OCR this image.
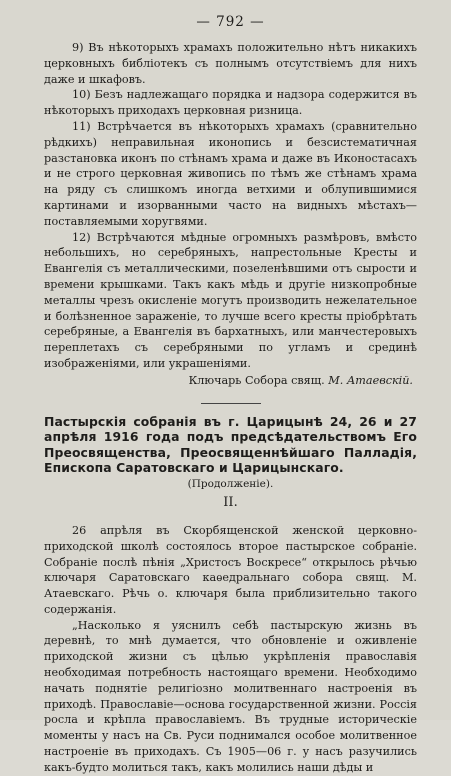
— 792 —

9) Въ нѣкоторыхъ храмахъ положительно нѣтъ никакихъ церковныхъ библіотекъ съ полнымъ отсутствіемъ для нихъ даже и шкафовъ.

10) Безъ надлежащаго порядка и надзора содержится въ нѣкоторыхъ приходахъ церковная ризница.

11) Встрѣчается въ нѣкоторыхъ храмахъ (сравнительно рѣдкихъ) неправильная иконопись и безсистематичная разстановка иконъ по стѣнамъ храма и даже въ Иконостасахъ и не строго церковная живопись по тѣмъ же стѣнамъ храма на ряду съ слишкомъ иногда ветхими и облупившимися картинами и изорванными часто на видныхъ мѣстахъ—поставляемыми хоругвями.

12) Встрѣчаются мѣдные огромныхъ размѣровъ, вмѣсто небольшихъ, но серебряныхъ, напрестольные Кресты и Евангелія съ металлическими, позеленѣвшими отъ сырости и времени крышками. Такъ какъ мѣдь и другіе низкопробные металлы чрезъ окисленіе могутъ производить нежелательное и болѣзненное зараженіе, то лучше всего кресты пріобрѣтать серебряные, а Евангелія въ бархатныхъ, или манчестеровыхъ переплетахъ съ серебряными по угламъ и срединѣ изображеніями, или украшеніями.

Ключарь Собора свящ. М. Атаевскій.

Пастырскія собранія въ г. Царицынѣ 24, 26 и 27 апрѣля 1916 года подъ предсѣдательствомъ Его Преосвященства, Преосвященнѣйшаго Палладія, Епископа Саратовскаго и Царицынскаго.

(Продолженіе).
II.

26 апрѣля въ Скорбященской женской церковно-приходской школѣ состоялось второе пастырское собраніе. Собраніе послѣ пѣнія „Христосъ Воскресе“ открылось рѣчью ключаря Саратовскаго каѳедральнаго собора свящ. М. Атаевскаго. Рѣчь о. ключаря была приблизительно такого содержанія.

„Насколько я уяснилъ себѣ пастырскую жизнь въ деревнѣ, то мнѣ думается, что обновленіе и оживленіе приходской жизни съ цѣлью укрѣпленія православія необходимая потребность настоящаго времени. Необходимо начать поднятіе религіозно молитвеннаго настроенія въ приходѣ. Православіе—основа государственной жизни. Россія росла и крѣпла православіемъ. Въ трудные историческіе моменты у насъ на Св. Руси поднимался особое молитвенное настроеніе въ приходахъ. Съ 1905—06 г. у насъ разучились какъ-будто молиться такъ, какъ молились наши дѣды и
